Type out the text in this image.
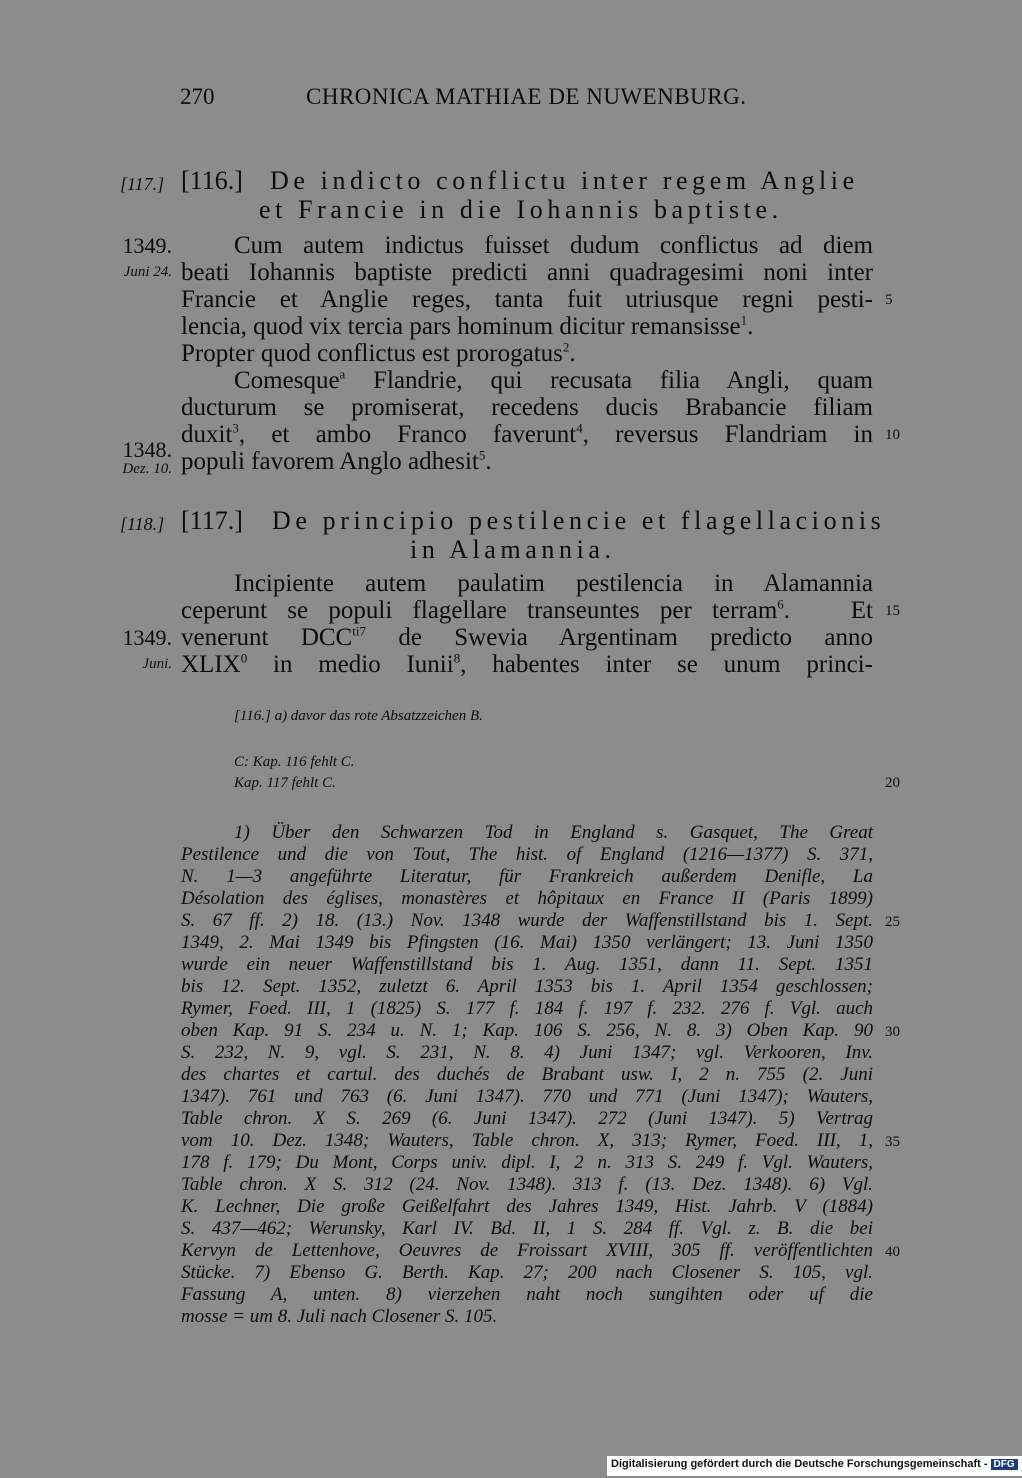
270	CHRONICA MATHIAE DE NUWENBURG.
[117.] [116.] De indicto conflictu inter regem Anglie
et Francie in die Iohannis baptiste.
1349.
Juni 24.
Cum autem indictus fuisset dudum conflictus ad diem
beati Iohannis baptiste predicti anni quadragesimi noni inter
Francie et Anglie reges, tanta fuit utriusque regni pesti- 5
lencia, quod vix tercia pars hominum dicitur remansisse$^1$.
Propter quod conflictus est prorogatus$^2$.
Comesque$^a$ Flandrie, qui recusata filia Angli, quam
ducturum se promiserat, recedens ducis Brabancie filiam
duxit$^3$, et ambo Franco faverunt$^4$, reversus Flandriam in 10
1348.
Dez. 10. populi favorem Anglo adhesit$^5$.
[118.] [117.] De principio pestilencie et flagellacionis
in Alamannia.
Incipiente autem paulatim pestilencia in Alamannia
ceperunt se populi flagellare transeuntes per terram$^6$.   Et 15
1349. venerunt $DCC^{ti7}$ de Swevia Argentinam predicto anno
Juni. XLIX$^0$ in medio Iunii$^8$, habentes inter se unum princi-
[116.] a) davor das rote Absatzzeichen B.
C: Kap. 116 fehlt C.
Kap. 117 fehlt C.	20
1) Über den Schwarzen Tod in England s. Gasquet, The Great
Pestilence und die von Tout, The hist. of England (1216—1377) S. 371,
N. 1—3 angeführte Literatur, für Frankreich außerdem Denifle, La
Désolation des églises, monastères et hôpitaux en France II (Paris 1899)
S. 67 ff. 2) 18. (13.) Nov. 1348 wurde der Waffenstillstand bis 1. Sept. 25
1349, 2. Mai 1349 bis Pfingsten (16. Mai) 1350 verlängert; 13. Juni 1350
wurde ein neuer Waffenstillstand bis 1. Aug. 1351, dann 11. Sept. 1351
bis 12. Sept. 1352, zuletzt 6. April 1353 bis 1. April 1354 geschlossen;
Rymer, Foed. III, 1 (1825) S. 177 f. 184 f. 197 f. 232. 276 f. Vgl. auch
oben Kap. 91 S. 234 u. N. 1; Kap. 106 S. 256, N. 8. 3) Oben Kap. 90 30
S. 232, N. 9, vgl. S. 231, N. 8. 4) Juni 1347; vgl. Verkooren, Inv.
des chartes et cartul. des duchés de Brabant usw. I, 2 n. 755 (2. Juni
1347). 761 und 763 (6. Juni 1347). 770 und 771 (Juni 1347); Wauters,
Table chron. X S. 269 (6. Juni 1347). 272 (Juni 1347). 5) Vertrag
vom 10. Dez. 1348; Wauters, Table chron. X, 313; Rymer, Foed. III, 1, 35
178 f. 179; Du Mont, Corps univ. dipl. I, 2 n. 313 S. 249 f. Vgl. Wauters,
Table chron. X S. 312 (24. Nov. 1348). 313 f. (13. Dez. 1348). 6) Vgl.
K. Lechner, Die große Geißelfahrt des Jahres 1349, Hist. Jahrb. V (1884)
S. 437—462; Werunsky, Karl IV. Bd. II, 1 S. 284 ff. Vgl. z. B. die bei
Kervyn de Lettenhove, Oeuvres de Froissart XVIII, 305 ff. veröffentlichten 40
Stücke. 7) Ebenso G. Berth. Kap. 27; 200 nach Closener S. 105, vgl.
Fassung A, unten. 8) vierzehen naht noch sungihten oder uf die
mosse = um 8. Juli nach Closener S. 105.
Digitalisierung gefördert durch die Deutsche Forschungsgemeinschaft - DFG
